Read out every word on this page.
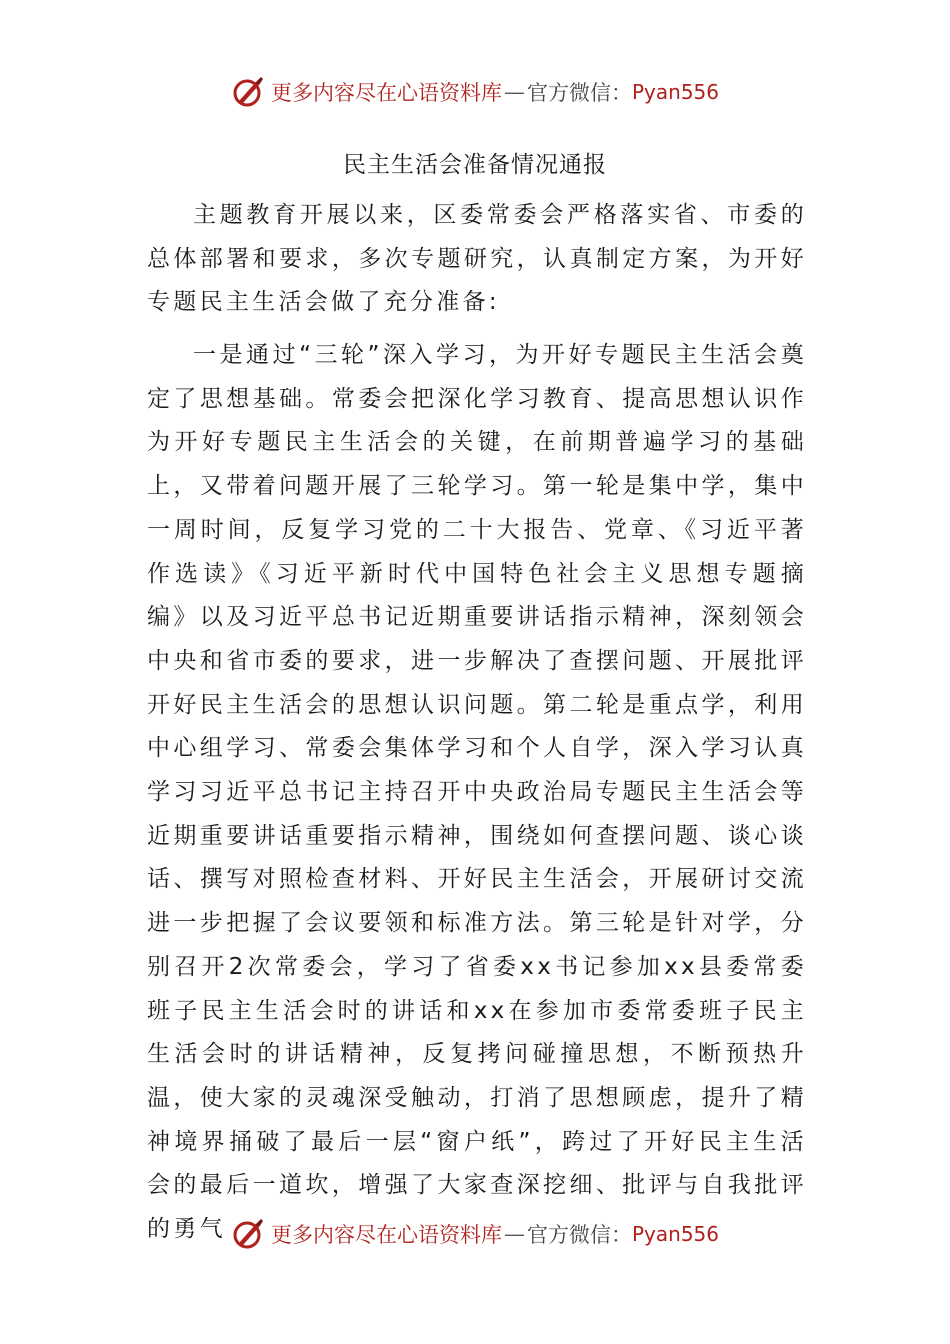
更多内容尽在心语资料库 — 官方微信： Pyan556
民主生活会准备情况通报

主题教育开展以来，区委常委会严格落实省、市委的总体部署和要求，多次专题研究，认真制定方案，为开好专题民主生活会做了充分准备:

一是通过“三轮”深入学习，为开好专题民主生活会奠定了思想基础。常委会把深化学习教育、提高思想认识作为开好专题民主生活会的关键，在前期普遍学习的基础上，又带着问题开展了三轮学习。第一轮是集中学，集中一周时间，反复学习党的二十大报告、党章、《习近平著作选读》《习近平新时代中国特色社会主义思想专题摘编》以及习近平总书记近期重要讲话指示精神，深刻领会中央和省市委的要求，进一步解决了查摆问题、开展批评开好民主生活会的思想认识问题。第二轮是重点学，利用中心组学习、常委会集体学习和个人自学，深入学习认真学习习近平总书记主持召开中央政治局专题民主生活会等近期重要讲话重要指示精神，围绕如何查摆问题、谈心谈话、撰写对照检查材料、开好民主生活会，开展研讨交流进一步把握了会议要领和标准方法。第三轮是针对学，分别召开2次常委会，学习了省委xx书记参加xx县委常委班子民主生活会时的讲话和xx在参加市委常委班子民主生活会时的讲话精神，反复拷问碰撞思想，不断预热升温，使大家的灵魂深受触动，打消了思想顾虑，提升了精神境界捅破了最后一层“窗户纸”，跨过了开好民主生活会的最后一道坎，增强了大家查深挖细、批评与自我批评的勇气	更多内容尽在心语资料库 — 官方微信： Pyan556
